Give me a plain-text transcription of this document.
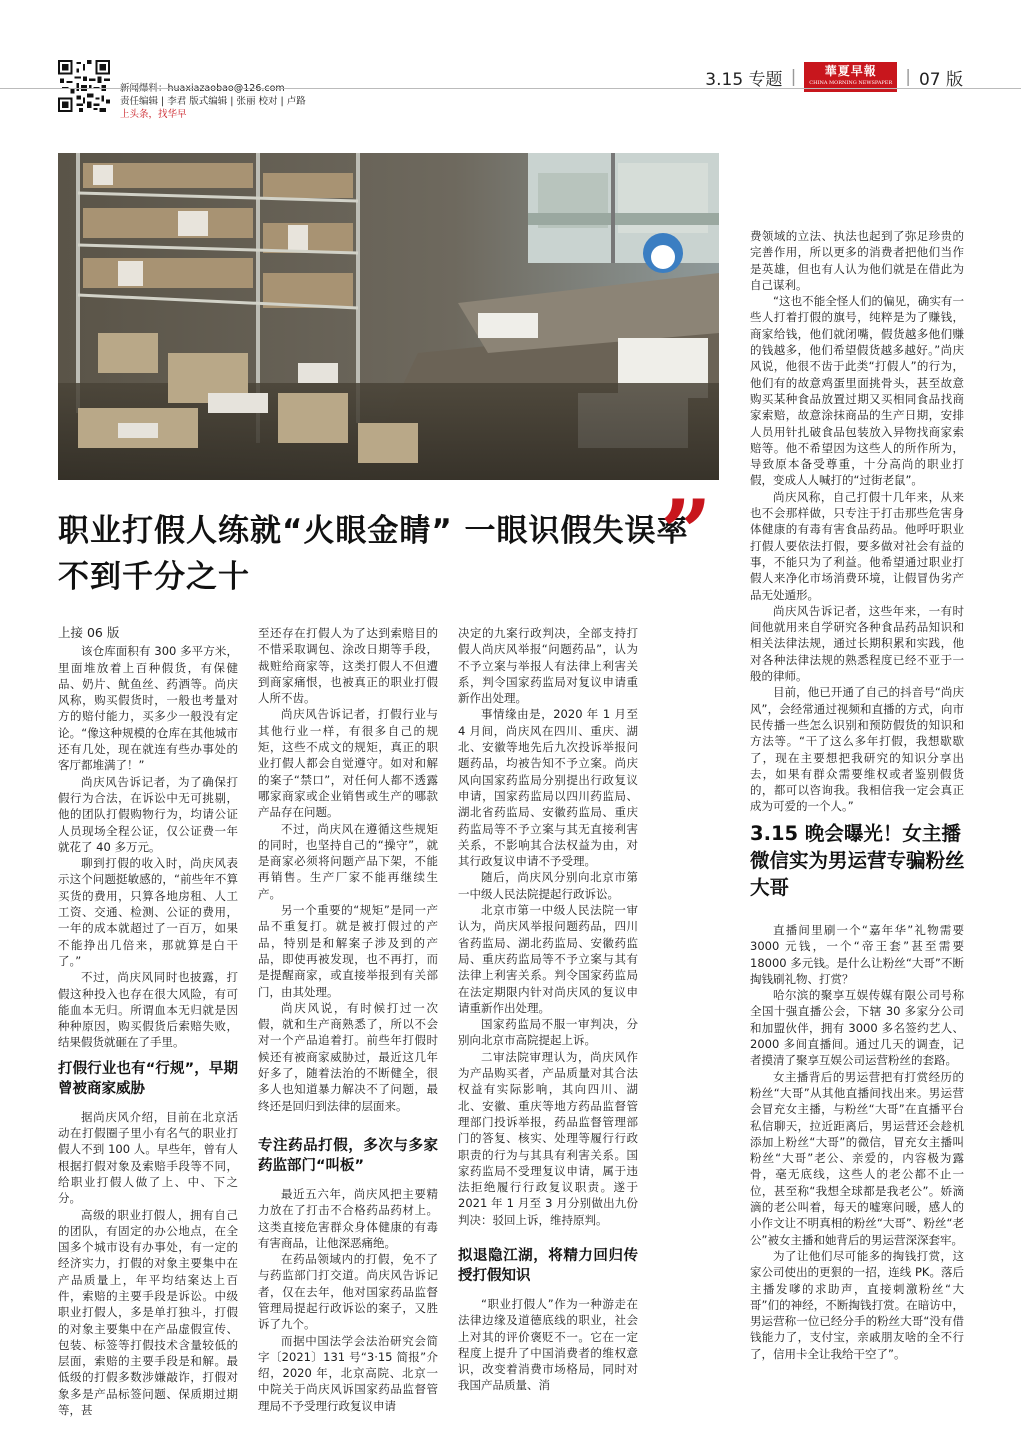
新闻爆料：huaxiazaobao@126.com
责任编辑 | 李君 版式编辑 | 张丽 校对 | 卢路
上头条，找华早
3.15 专题 |	華夏早報
CHINA MORNING NEWSPAPER | 07 版
职业打假人练就“火眼金睛” 一眼识假失误率不到千分之十	”

上接 06 版

该仓库面积有 300 多平方米，里面堆放着上百种假货，有保健品、奶片、鱿鱼丝、药酒等。尚庆风称，购买假货时，一般也考量对方的赔付能力，买多少一般没有定论。“像这种规模的仓库在其他城市还有几处，现在就连有些办事处的客厅都堆满了！”

尚庆风告诉记者，为了确保打假行为合法，在诉讼中无可挑剔，他的团队打假购物行为，均请公证人员现场全程公证，仅公证费一年就花了 40 多万元。

聊到打假的收入时，尚庆风表示这个问题挺敏感的，“前些年不算买货的费用，只算各地房租、人工工资、交通、检测、公证的费用，一年的成本就超过了一百万，如果不能挣出几倍来，那就算是白干了。”

不过，尚庆风同时也披露，打假这种投入也存在很大风险，有可能血本无归。所谓血本无归就是因种种原因，购买假货后索赔失败，结果假货就砸在了手里。

打假行业也有“行规”，早期曾被商家威胁

据尚庆风介绍，目前在北京活动在打假圈子里小有名气的职业打假人不到 100 人。早些年，曾有人根据打假对象及索赔手段等不同，给职业打假人做了上、中、下之分。

高级的职业打假人，拥有自己的团队，有固定的办公地点，在全国多个城市设有办事处，有一定的经济实力，打假的对象主要集中在产品质量上，年平均结案达上百件，索赔的主要手段是诉讼。中级职业打假人，多是单打独斗，打假的对象主要集中在产品虚假宣传、包装、标签等打假技术含量较低的层面，索赔的主要手段是和解。最低级的打假多数涉嫌敲诈，打假对象多是产品标签问题、保质期过期等，甚

至还存在打假人为了达到索赔目的不惜采取调包、涂改日期等手段，裁赃给商家等，这类打假人不但遭到商家痛恨，也被真正的职业打假人所不齿。

尚庆风告诉记者，打假行业与其他行业一样，有很多自己的规矩，这些不成文的规矩，真正的职业打假人都会自觉遵守。如对和解的案子“禁口”，对任何人都不透露哪家商家或企业销售或生产的哪款产品存在问题。

不过，尚庆风在遵循这些规矩的同时，也坚持自己的“操守”，就是商家必须将问题产品下架，不能再销售。生产厂家不能再继续生产。

另一个重要的“规矩”是同一产品不重复打。就是被打假过的产品，特别是和解案子涉及到的产品，即使再被发现，也不再打，而是提醒商家，或直接举报到有关部门，由其处理。

尚庆风说，有时候打过一次假，就和生产商熟悉了，所以不会对一个产品追着打。前些年打假时候还有被商家威胁过，最近这几年好多了，随着法治的不断健全，很多人也知道暴力解决不了问题，最终还是回归到法律的层面来。

专注药品打假，多次与多家药监部门“叫板”

最近五六年，尚庆风把主要精力放在了打击不合格药品药材上。这类直接危害群众身体健康的有毒有害商品，让他深恶痛绝。

在药品领域内的打假，免不了与药监部门打交道。尚庆风告诉记者，仅在去年，他对国家药品监督管理局提起行政诉讼的案子，又胜诉了九个。

而据中国法学会法治研究会简字〔2021〕131 号“3·15 简报”介绍，2020 年，北京高院、北京一中院关于尚庆风诉国家药品监督管理局不予受理行政复议申请

决定的九案行政判决，全部支持打假人尚庆风举报“问题药品”，认为不予立案与举报人有法律上利害关系，判令国家药监局对复议申请重新作出处理。

事情缘由是，2020 年 1 月至 4 月间，尚庆风在四川、重庆、湖北、安徽等地先后九次投诉举报问题药品，均被告知不予立案。尚庆风向国家药监局分别提出行政复议申请，国家药监局以四川药监局、湖北省药监局、安徽药监局、重庆药监局等不予立案与其无直接利害关系，不影响其合法权益为由，对其行政复议申请不予受理。

随后，尚庆风分别向北京市第一中级人民法院提起行政诉讼。

北京市第一中级人民法院一审认为，尚庆风举报问题药品，四川省药监局、湖北药监局、安徽药监局、重庆药监局等不予立案与其有法律上利害关系。判令国家药监局在法定期限内针对尚庆风的复议申请重新作出处理。

国家药监局不服一审判决，分别向北京市高院提起上诉。

二审法院审理认为，尚庆风作为产品购买者，产品质量对其合法权益有实际影响，其向四川、湖北、安徽、重庆等地方药品监督管理部门投诉举报，药品监督管理部门的答复、核实、处理等履行行政职责的行为与其具有利害关系。国家药监局不受理复议申请，属于违法拒绝履行行政复议职责。遂于 2021 年 1 月至 3 月分别做出九份判决：驳回上诉，维持原判。

拟退隐江湖，将精力回归传授打假知识

“职业打假人”作为一种游走在法律边缘及道德底线的职业，社会上对其的评价褒贬不一。它在一定程度上提升了中国消费者的维权意识，改变着消费市场格局，同时对我国产品质量、消

费领域的立法、执法也起到了弥足珍贵的完善作用，所以更多的消费者把他们当作是英雄，但也有人认为他们就是在借此为自己谋利。

“这也不能全怪人们的偏见，确实有一些人打着打假的旗号，纯粹是为了赚钱，商家给钱，他们就闭嘴，假货越多他们赚的钱越多，他们希望假货越多越好。”尚庆风说，他很不齿于此类“打假人”的行为，他们有的故意鸡蛋里面挑骨头，甚至故意购买某种食品放置过期又买相同食品找商家索赔，故意涂抹商品的生产日期，安排人员用针扎破食品包装放入异物找商家索赔等。他不希望因为这些人的所作所为，导致原本备受尊重，十分高尚的职业打假，变成人人喊打的“过街老鼠”。

尚庆风称，自己打假十几年来，从来也不会那样做，只专注于打击那些危害身体健康的有毒有害食品药品。他呼吁职业打假人要依法打假，要多做对社会有益的事，不能只为了利益。他希望通过职业打假人来净化市场消费环境，让假冒伪劣产品无处遁形。

尚庆风告诉记者，这些年来，一有时间他就用来自学研究各种食品药品知识和相关法律法规，通过长期积累和实践，他对各种法律法规的熟悉程度已经不亚于一般的律师。

目前，他已开通了自己的抖音号“尚庆风”，会经常通过视频和直播的方式，向市民传播一些怎么识别和预防假货的知识和方法等。“干了这么多年打假，我想歇歇了，现在主要想把我研究的知识分享出去，如果有群众需要维权或者鉴别假货的，都可以咨询我。我相信我一定会真正成为可爱的一个人。”

3.15 晚会曝光！女主播微信实为男运营专骗粉丝大哥

直播间里刷一个“嘉年华”礼物需要 3000 元钱，一个“帝王套”甚至需要 18000 多元钱。是什么让粉丝“大哥”不断掏钱刷礼物、打赏？

哈尔滨的聚享互娱传媒有限公司号称全国十强直播公会，下辖 30 多家分公司和加盟伙伴，拥有 3000 多名签约艺人、2000 多间直播间。通过几天的调查，记者摸清了聚享互娱公司运营粉丝的套路。

女主播背后的男运营把有打赏经历的粉丝“大哥”从其他直播间找出来。男运营会冒充女主播，与粉丝“大哥”在直播平台私信聊天，拉近距离后，男运营还会趁机添加上粉丝“大哥”的微信，冒充女主播叫粉丝“大哥”老公、亲爱的，内容极为露骨，毫无底线，这些人的老公都不止一位，甚至称“我想全球都是我老公”。娇滴滴的老公叫着，每天的嘘寒问暖，感人的小作文让不明真相的粉丝“大哥”、粉丝“老公”被女主播和她背后的男运营深深套牢。

为了让他们尽可能多的掏钱打赏，这家公司使出的更狠的一招，连线 PK。落后主播发嗲的求助声，直接刺激粉丝“大哥”们的神经，不断掏钱打赏。在暗访中，男运营称一位已经分手的粉丝大哥“没有借钱能力了，支付宝，亲戚朋友啥的全不行了，信用卡全让我给干空了”。
